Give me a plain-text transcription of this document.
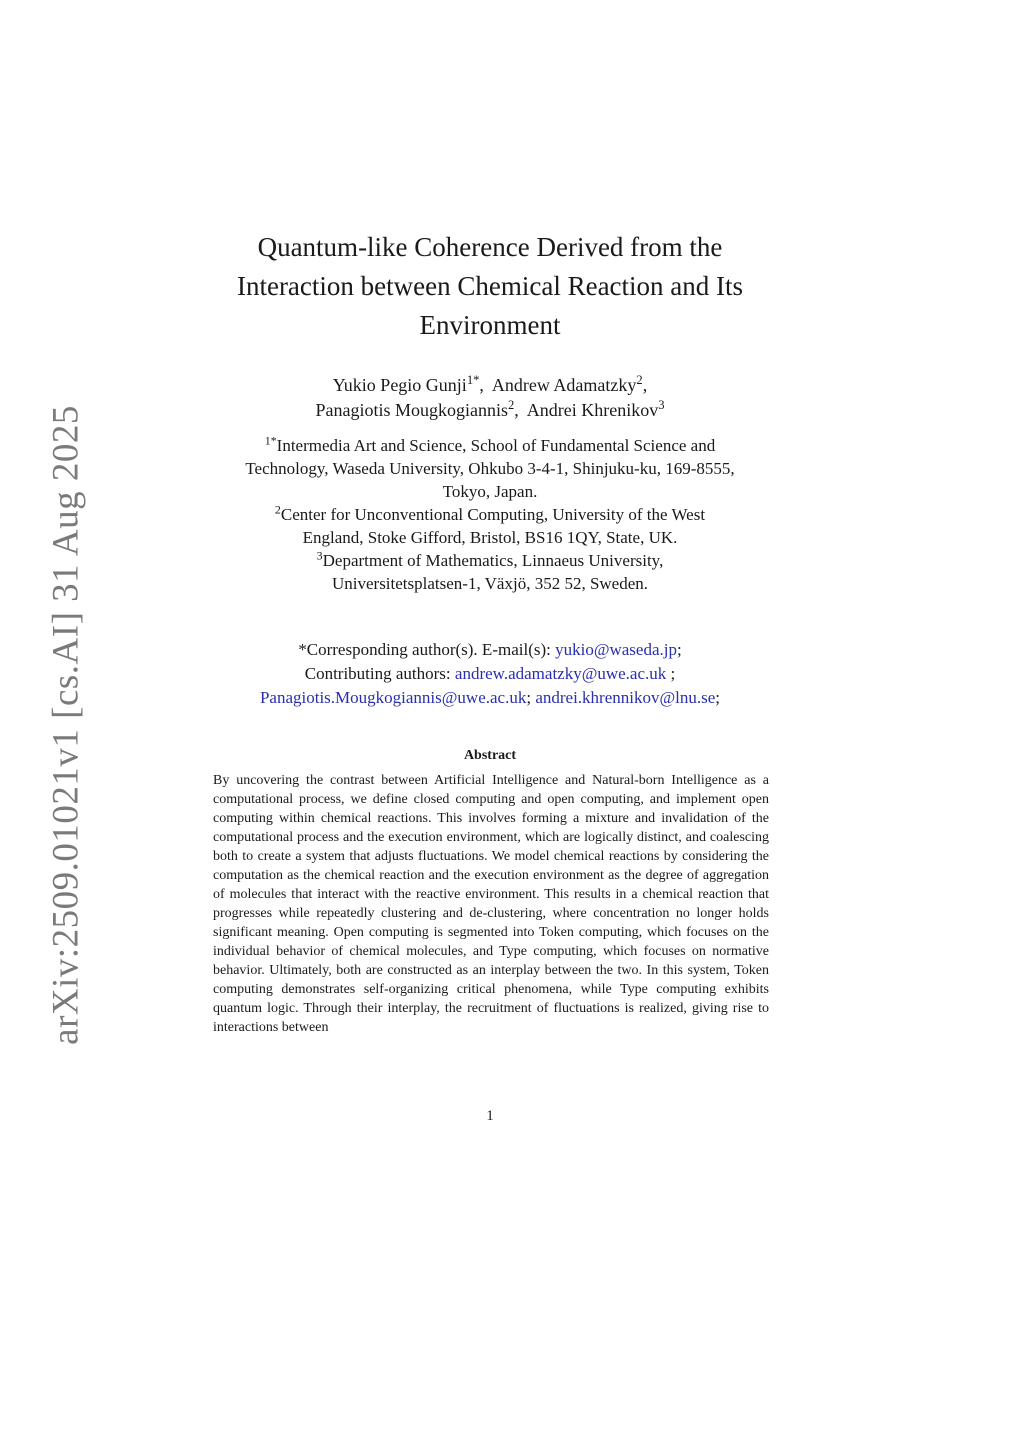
arXiv:2509.01021v1 [cs.AI] 31 Aug 2025
Quantum-like Coherence Derived from the
Interaction between Chemical Reaction and Its
Environment
Yukio Pegio Gunji$^{1*}$, Andrew Adamatzky$^2$,
Panagiotis Mougkogiannis$^2$, Andrei Khrenikov$^3$
$^{1*}$Intermedia Art and Science, School of Fundamental Science and
Technology, Waseda University, Ohkubo 3-4-1, Shinjuku-ku, 169-8555,
Tokyo, Japan.
$^2$Center for Unconventional Computing, University of the West
England, Stoke Gifford, Bristol, BS16 1QY, State, UK.
$^3$Department of Mathematics, Linnaeus University,
Universitetsplatsen-1, Växjö, 352 52, Sweden.
*Corresponding author(s). E-mail(s): yukio@waseda.jp;
Contributing authors: andrew.adamatzky@uwe.ac.uk ;
Panagiotis.Mougkogiannis@uwe.ac.uk; andrei.khrennikov@lnu.se;
Abstract

By uncovering the contrast between Artificial Intelligence and Natural-born Intelligence as a computational process, we define closed computing and open computing, and implement open computing within chemical reactions. This involves forming a mixture and invalidation of the computational process and the execution environment, which are logically distinct, and coalescing both to create a system that adjusts fluctuations. We model chemical reactions by considering the computation as the chemical reaction and the execution environment as the degree of aggregation of molecules that interact with the reactive environment. This results in a chemical reaction that progresses while repeatedly clustering and de-clustering, where concentration no longer holds significant meaning. Open computing is segmented into Token computing, which focuses on the individual behavior of chemical molecules, and Type computing, which focuses on normative behavior. Ultimately, both are constructed as an interplay between the two. In this system, Token computing demonstrates self-organizing critical phenomena, while Type computing exhibits quantum logic. Through their interplay, the recruitment of fluctuations is realized, giving rise to interactions between

1
